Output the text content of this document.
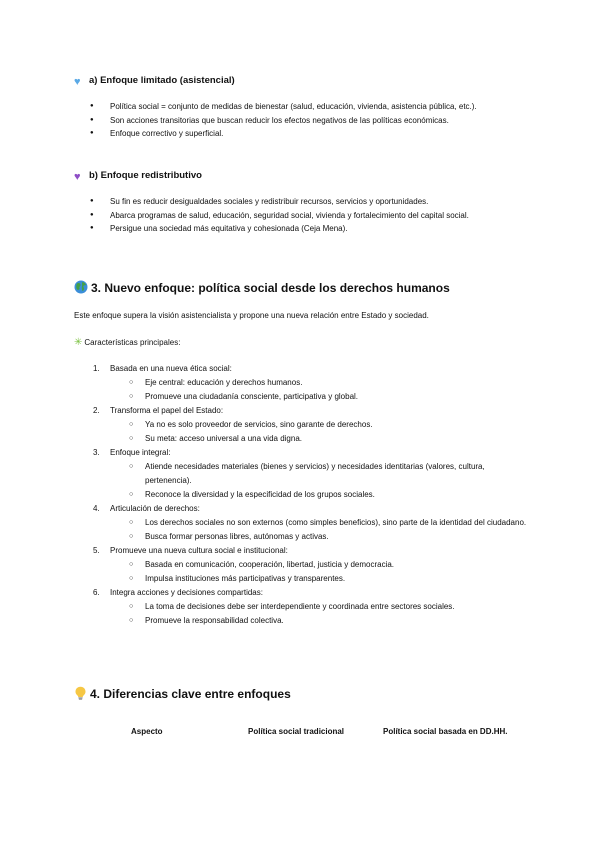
♥ a) Enfoque limitado (asistencial)
● Política social = conjunto de medidas de bienestar (salud, educación, vivienda, asistencia pública, etc.).
● Son acciones transitorias que buscan reducir los efectos negativos de las políticas económicas.
● Enfoque correctivo y superficial.
♥ b) Enfoque redistributivo
● Su fin es reducir desigualdades sociales y redistribuir recursos, servicios y oportunidades.
● Abarca programas de salud, educación, seguridad social, vivienda y fortalecimiento del capital social.
● Persigue una sociedad más equitativa y cohesionada (Ceja Mena).
3. Nuevo enfoque: política social desde los derechos humanos
Este enfoque supera la visión asistencialista y propone una nueva relación entre Estado y sociedad.
✳ Características principales:
1. Basada en una nueva ética social:
○ Eje central: educación y derechos humanos.
○ Promueve una ciudadanía consciente, participativa y global.
2. Transforma el papel del Estado:
○ Ya no es solo proveedor de servicios, sino garante de derechos.
○ Su meta: acceso universal a una vida digna.
3. Enfoque integral:
○ Atiende necesidades materiales (bienes y servicios) y necesidades identitarias (valores, cultura, pertenencia).
○ Reconoce la diversidad y la especificidad de los grupos sociales.
4. Articulación de derechos:
○ Los derechos sociales no son externos (como simples beneficios), sino parte de la identidad del ciudadano.
○ Busca formar personas libres, autónomas y activas.
5. Promueve una nueva cultura social e institucional:
○ Basada en comunicación, cooperación, libertad, justicia y democracia.
○ Impulsa instituciones más participativas y transparentes.
6. Integra acciones y decisiones compartidas:
○ La toma de decisiones debe ser interdependiente y coordinada entre sectores sociales.
○ Promueve la responsabilidad colectiva.
4. Diferencias clave entre enfoques
Aspecto	Política social tradicional	Política social basada en DD.HH.
